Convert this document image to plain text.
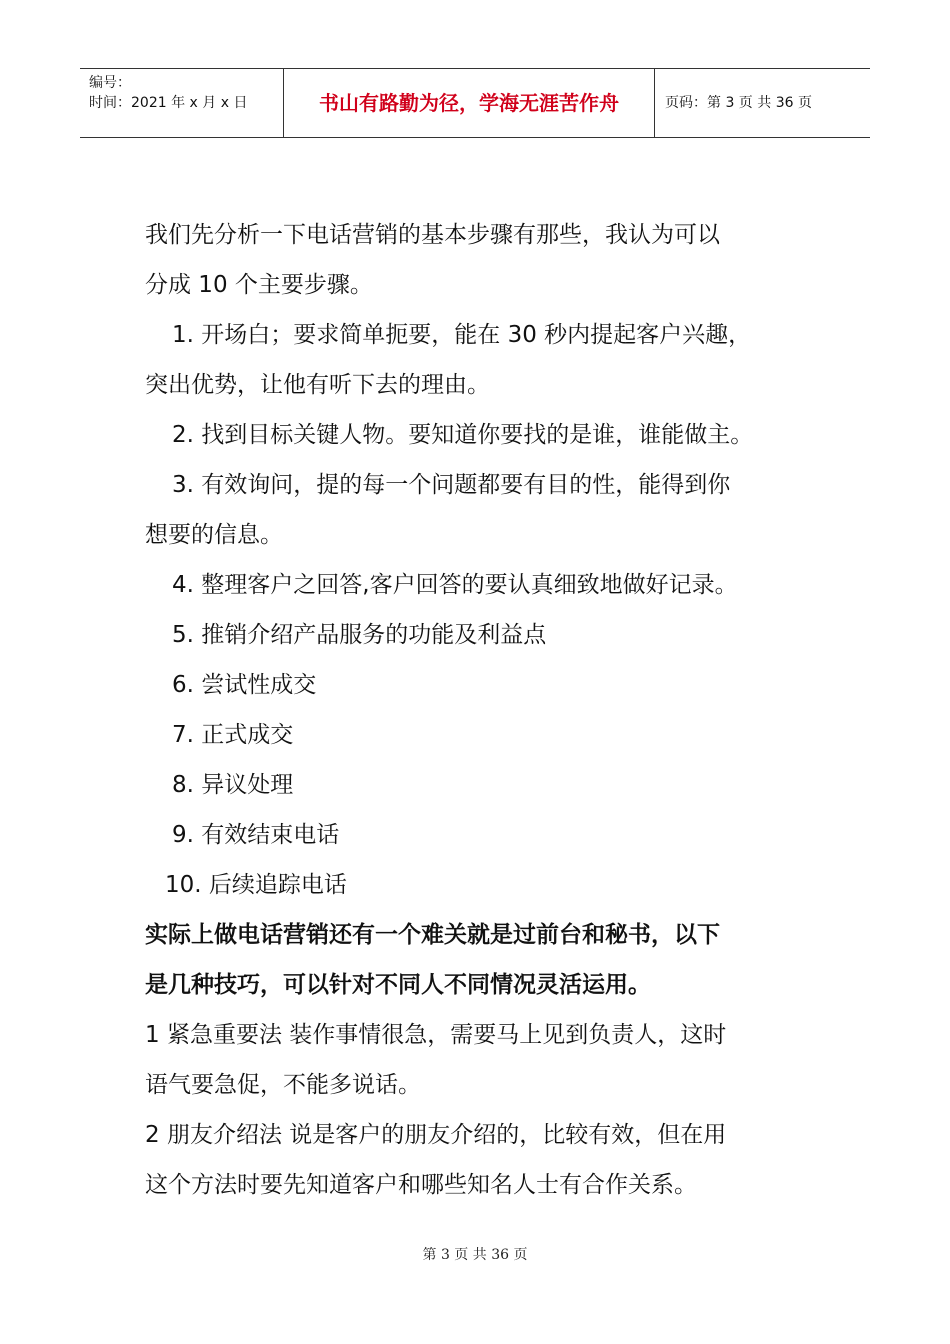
编号：
时间：2021 年 x 月 x 日	书山有路勤为径，学海无涯苦作舟	页码：第 3 页 共 36 页
我们先分析一下电话营销的基本步骤有那些，我认为可以
分成 10 个主要步骤。
1. 开场白；要求简单扼要，能在 30 秒内提起客户兴趣，
突出优势，让他有听下去的理由。
2. 找到目标关键人物。要知道你要找的是谁，谁能做主。
3. 有效询问，提的每一个问题都要有目的性，能得到你
想要的信息。
4. 整理客户之回答,客户回答的要认真细致地做好记录。
5. 推销介绍产品服务的功能及利益点
6. 尝试性成交
7. 正式成交
8. 异议处理
9. 有效结束电话
10. 后续追踪电话
实际上做电话营销还有一个难关就是过前台和秘书，以下
是几种技巧，可以针对不同人不同情况灵活运用。
1 紧急重要法 装作事情很急，需要马上见到负责人，这时
语气要急促，不能多说话。
2 朋友介绍法 说是客户的朋友介绍的，比较有效，但在用
这个方法时要先知道客户和哪些知名人士有合作关系。
第 3 页 共 36 页
